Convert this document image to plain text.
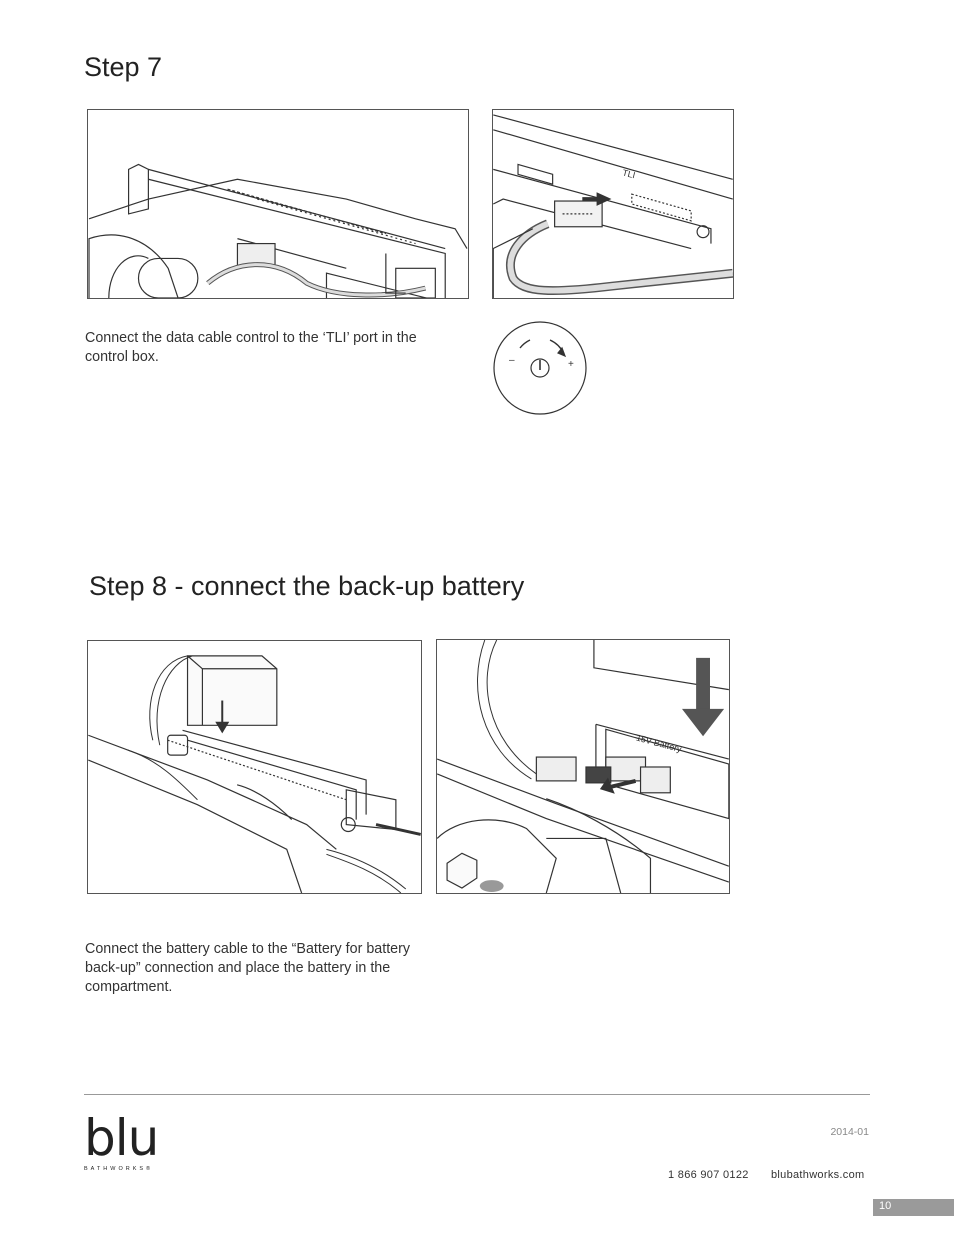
Step 7
TLI
Connect the data cable control to the ‘TLI’ port in the control box.	–	+
Step 8 - connect the back-up battery
15V Battery
Connect the battery cable to the “Battery for battery back-up” connection and place the battery in the compartment.
blu
BATHWORKS®
2014-01
1 866 907 0122 blubathworks.com
10
